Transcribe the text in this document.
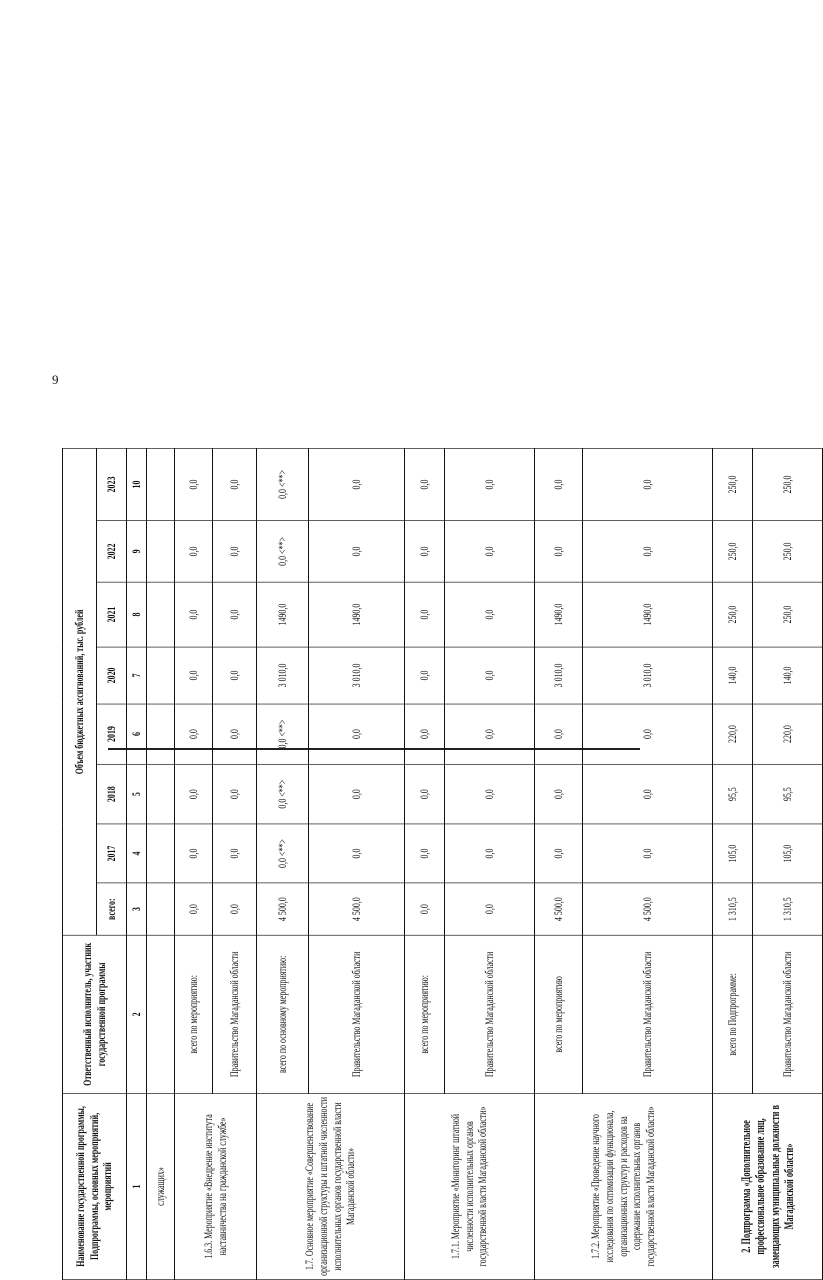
9
Наименование государственной программы, Подпрограммы, основных мероприятий, мероприятий	Ответственный исполнитель, участник государственной программы	Объем бюджетных ассигнований, тыс. рублей							
		всего:	2017	2018	2019	2020	2021	2022	2023
1	2	3	4	5	6	7	8	9	10
служащих»									
1.6.3. Мероприятие «Внедрение института наставничества на гражданской службе»	всего по мероприятию:	0,0	0,0	0,0	0,0	0,0	0,0	0,0	0,0
	Правительство Магаданской области	0,0	0,0	0,0	0,0	0,0	0,0	0,0	0,0
1.7. Основное мероприятие «Совершенствование организационной структуры и штатной численности исполнительных органов государственной власти Магаданской области»	всего по основному мероприятию:	4 500,0	0,0 <**>	0,0 <**>	0,0 <**>	3 010,0	1490,0	0,0 <**>	0,0 <**>
	Правительство Магаданской области	4 500,0	0,0	0,0	0,0	3 010,0	1490,0	0,0	0,0
1.7.1. Мероприятие «Мониторинг штатной численности исполнительных органов государственной власти Магаданской области»	всего по мероприятию:	0,0	0,0	0,0	0,0	0,0	0,0	0,0	0,0
	Правительство Магаданской области	0,0	0,0	0,0	0,0	0,0	0,0	0,0	0,0
1.7.2. Мероприятие «Проведение научного исследования по оптимизации функционала, организационных структур и расходов на содержание исполнительных органов государственной власти Магаданской области»	всего по мероприятию	4 500,0	0,0	0,0	0,0	3 010,0	1490,0	0,0	0,0
	Правительство Магаданской области	4 500,0	0,0	0,0	0,0	3 010,0	1490,0	0,0	0,0
2. Подпрограмма «Дополнительное профессиональное образование лиц, замещающих муниципальные должности в Магаданской области»	всего по Подпрограмме:	1 310,5	105,0	95,5	220,0	140,0	250,0	250,0	250,0
	Правительство Магаданской области	1 310,5	105,0	95,5	220,0	140,0	250,0	250,0	250,0
